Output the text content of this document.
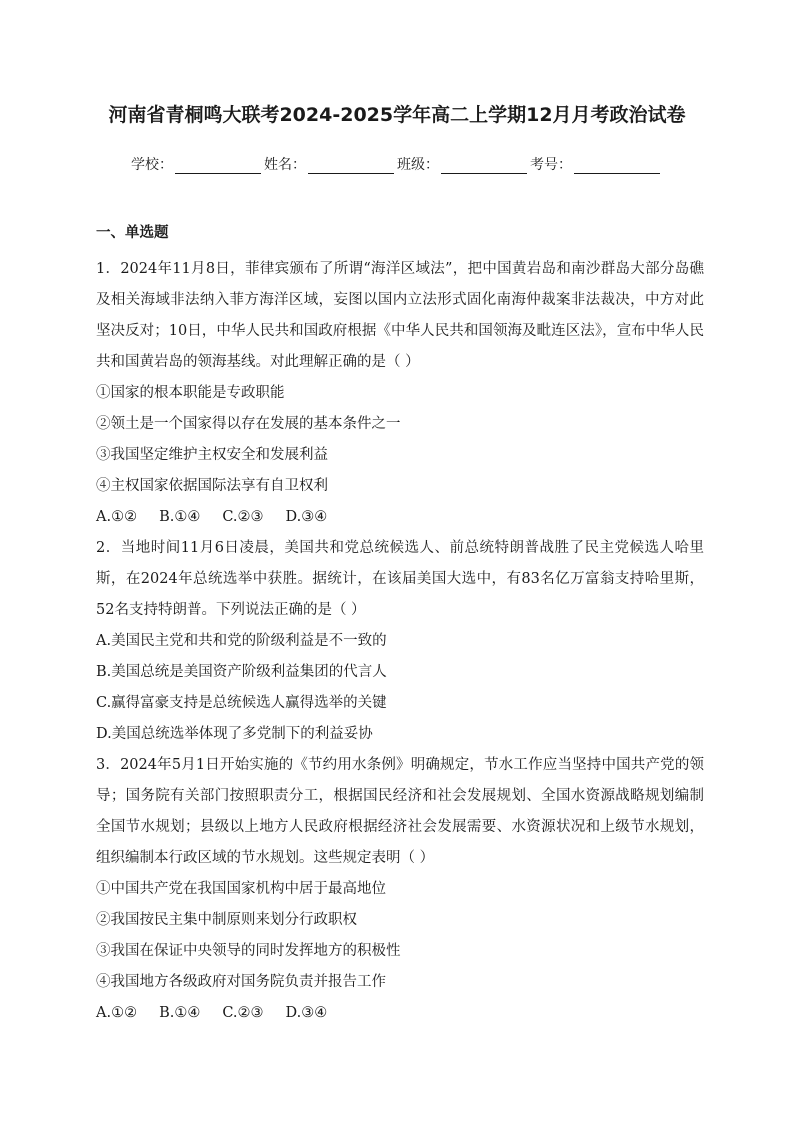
河南省青桐鸣大联考2024-2025学年高二上学期12月月考政治试卷
学校：	姓名：	班级：	考号：
一、单选题
1．2024年11月8日，菲律宾颁布了所谓“海洋区域法”，把中国黄岩岛和南沙群岛大部分岛礁及相关海域非法纳入菲方海洋区域，妄图以国内立法形式固化南海仲裁案非法裁决，中方对此坚决反对；10日，中华人民共和国政府根据《中华人民共和国领海及毗连区法》，宣布中华人民共和国黄岩岛的领海基线。对此理解正确的是（ ）
①国家的根本职能是专政职能
②领土是一个国家得以存在发展的基本条件之一
③我国坚定维护主权安全和发展利益
④主权国家依据国际法享有自卫权利
A.①② B.①④ C.②③ D.③④
2．当地时间11月6日凌晨，美国共和党总统候选人、前总统特朗普战胜了民主党候选人哈里斯，在2024年总统选举中获胜。据统计，在该届美国大选中，有83名亿万富翁支持哈里斯，52名支持特朗普。下列说法正确的是（ ）
A.美国民主党和共和党的阶级利益是不一致的
B.美国总统是美国资产阶级利益集团的代言人
C.赢得富豪支持是总统候选人赢得选举的关键
D.美国总统选举体现了多党制下的利益妥协
3．2024年5月1日开始实施的《节约用水条例》明确规定，节水工作应当坚持中国共产党的领导；国务院有关部门按照职责分工，根据国民经济和社会发展规划、全国水资源战略规划编制全国节水规划；县级以上地方人民政府根据经济社会发展需要、水资源状况和上级节水规划，组织编制本行政区域的节水规划。这些规定表明（ ）
①中国共产党在我国国家机构中居于最高地位
②我国按民主集中制原则来划分行政职权
③我国在保证中央领导的同时发挥地方的积极性
④我国地方各级政府对国务院负责并报告工作
A.①② B.①④ C.②③ D.③④
